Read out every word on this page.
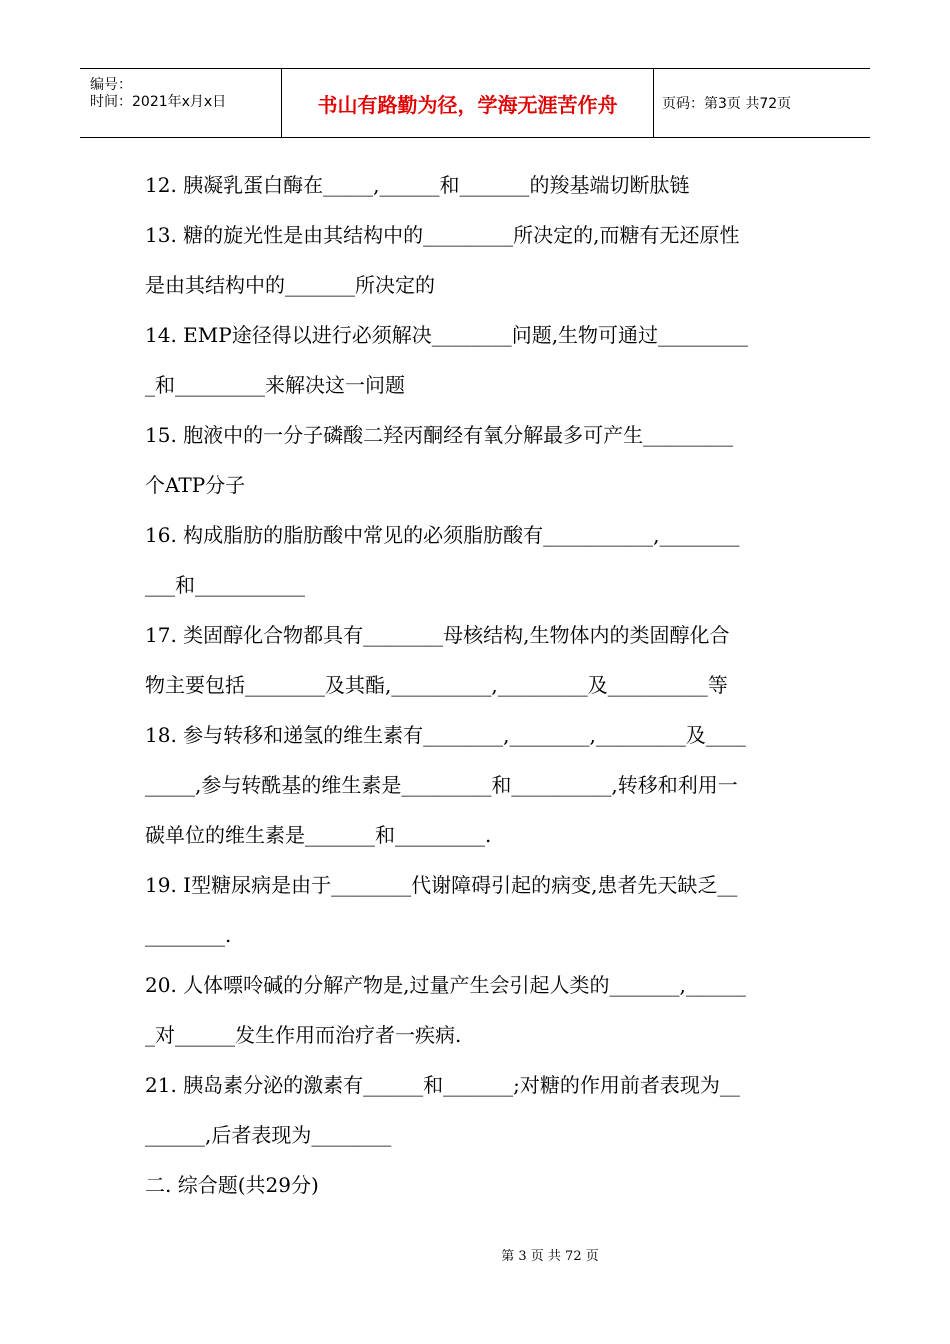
编号：
时间：2021年x月x日	书山有路勤为径，学海无涯苦作舟	页码：第3页 共72页
12. 胰凝乳蛋白酶在_____,______和_______的羧基端切断肽链
13. 糖的旋光性是由其结构中的_________所决定的,而糖有无还原性
是由其结构中的_______所决定的
14. EMP途径得以进行必须解决________问题,生物可通过_________
_和_________来解决这一问题
15. 胞液中的一分子磷酸二羟丙酮经有氧分解最多可产生_________
个ATP分子
16. 构成脂肪的脂肪酸中常见的必须脂肪酸有___________,________
___和___________
17. 类固醇化合物都具有________母核结构,生物体内的类固醇化合
物主要包括________及其酯,__________,_________及__________等
18. 参与转移和递氢的维生素有________,________,_________及____
_____,参与转酰基的维生素是_________和__________,转移和利用一
碳单位的维生素是_______和_________.
19. I型糖尿病是由于________代谢障碍引起的病变,患者先天缺乏__
________.
20. 人体嘌呤碱的分解产物是,过量产生会引起人类的_______,______
_对______发生作用而治疗者一疾病.
21. 胰岛素分泌的激素有______和_______;对糖的作用前者表现为__
______,后者表现为________
二. 综合题(共29分)
第 3 页 共 72 页
